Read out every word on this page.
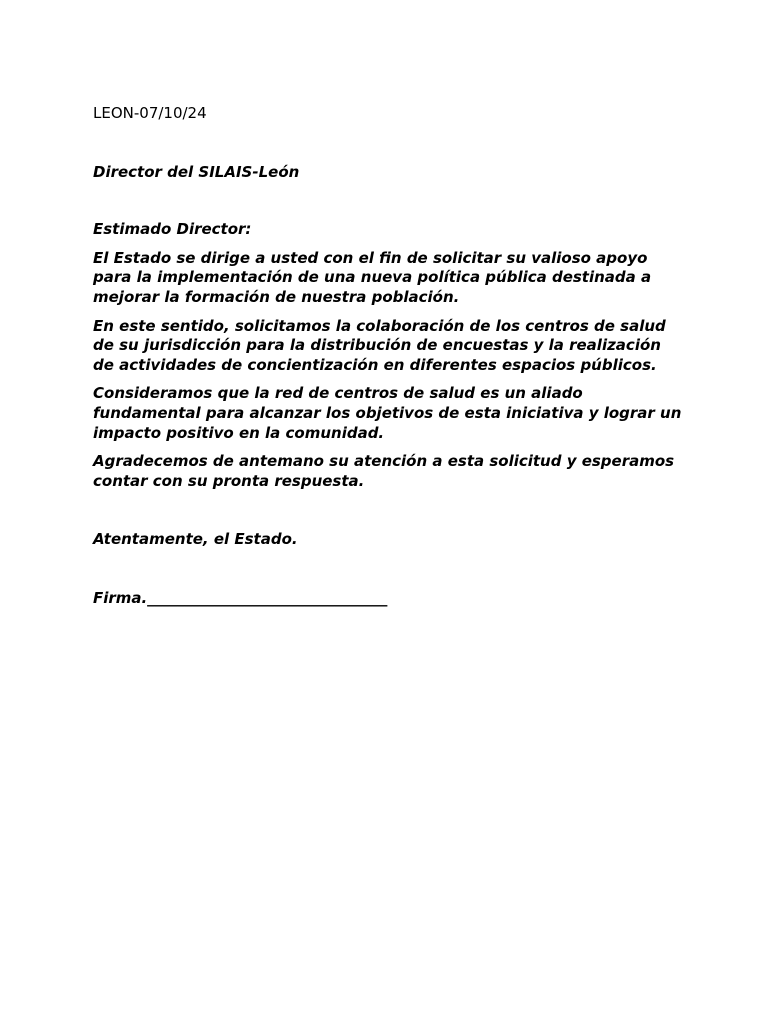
LEON-07/10/24

Director del SILAIS-León

Estimado Director:

El Estado se dirige a usted con el fin de solicitar su valioso apoyo para la implementación de una nueva política pública destinada a mejorar la formación de nuestra población.

En este sentido, solicitamos la colaboración de los centros de salud de su jurisdicción para la distribución de encuestas y la realización de actividades de concientización en diferentes espacios públicos.

Consideramos que la red de centros de salud es un aliado fundamental para alcanzar los objetivos de esta iniciativa y lograr un impacto positivo en la comunidad.

Agradecemos de antemano su atención a esta solicitud y esperamos contar con su pronta respuesta.

Atentamente, el Estado.

Firma.________________________________
